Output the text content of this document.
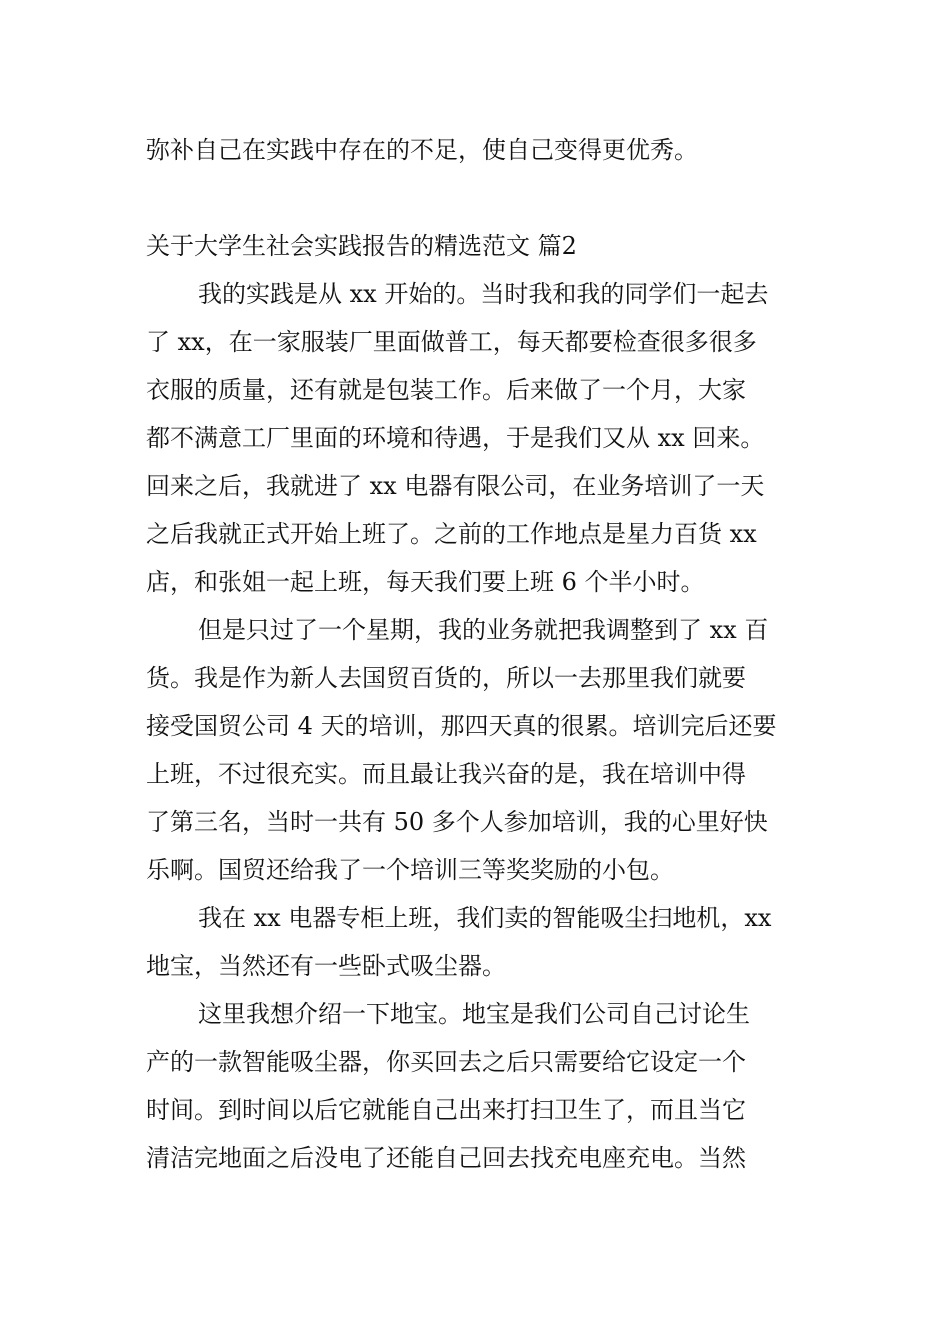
弥补自己在实践中存在的不足，使自己变得更优秀。

关于大学生社会实践报告的精选范文 篇2

我的实践是从 xx 开始的。当时我和我的同学们一起去

了 xx，在一家服装厂里面做普工，每天都要检查很多很多

衣服的质量，还有就是包装工作。后来做了一个月，大家

都不满意工厂里面的环境和待遇，于是我们又从 xx 回来。

回来之后，我就进了 xx 电器有限公司，在业务培训了一天

之后我就正式开始上班了。之前的工作地点是星力百货 xx

店，和张姐一起上班，每天我们要上班 6 个半小时。

但是只过了一个星期，我的业务就把我调整到了 xx 百

货。我是作为新人去国贸百货的，所以一去那里我们就要

接受国贸公司 4 天的培训，那四天真的很累。培训完后还要

上班，不过很充实。而且最让我兴奋的是，我在培训中得

了第三名，当时一共有 50 多个人参加培训，我的心里好快

乐啊。国贸还给我了一个培训三等奖奖励的小包。

我在 xx 电器专柜上班，我们卖的智能吸尘扫地机，xx

地宝，当然还有一些卧式吸尘器。

这里我想介绍一下地宝。地宝是我们公司自己讨论生

产的一款智能吸尘器，你买回去之后只需要给它设定一个

时间。到时间以后它就能自己出来打扫卫生了，而且当它

清洁完地面之后没电了还能自己回去找充电座充电。当然
